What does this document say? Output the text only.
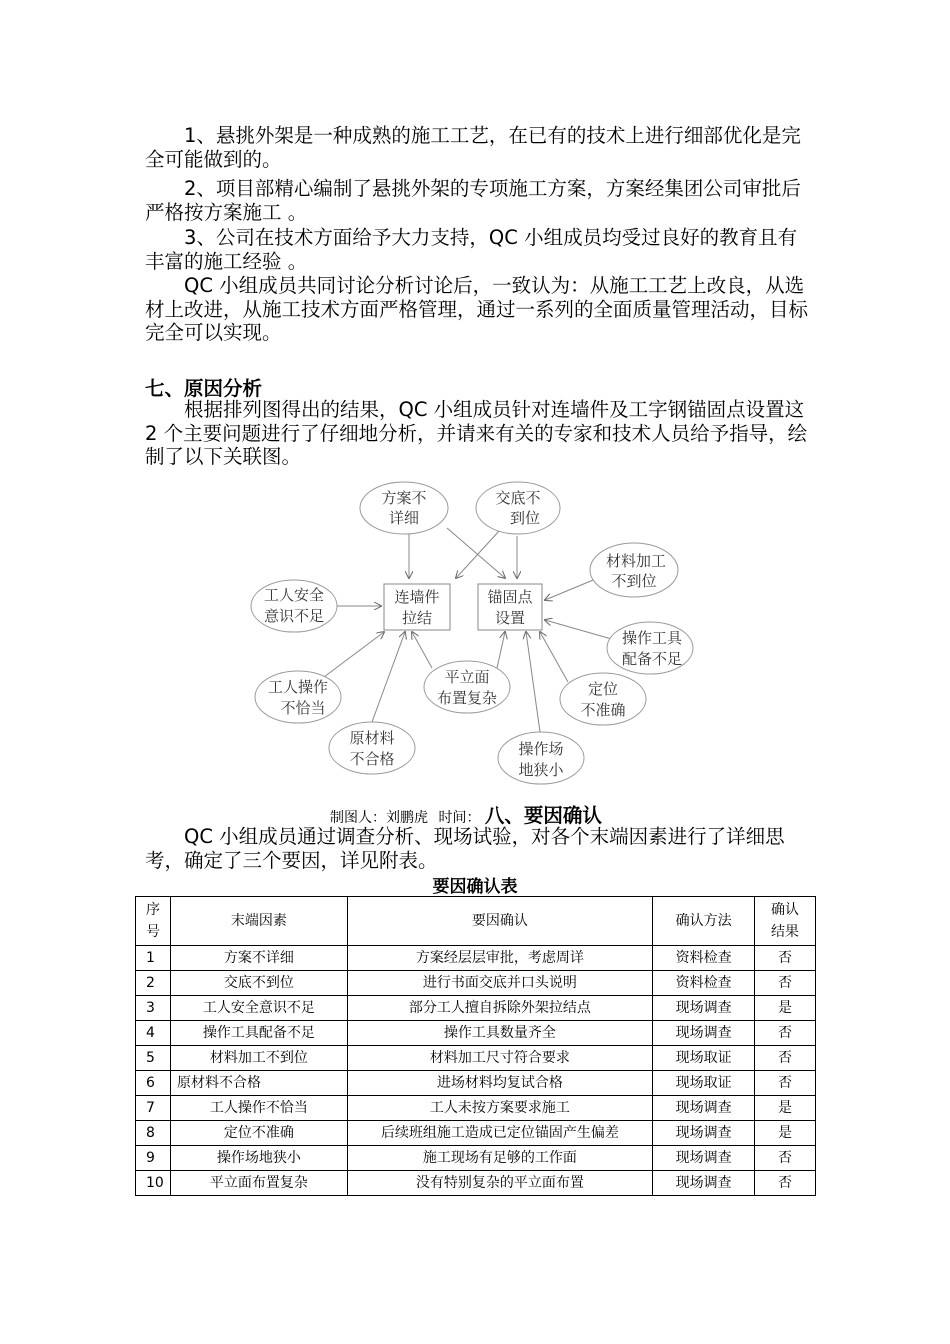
1、悬挑外架是一种成熟的施工工艺，在已有的技术上进行细部优化是完全可能做到的。

2、项目部精心编制了悬挑外架的专项施工方案，方案经集团公司审批后严格按方案施工 。

3、公司在技术方面给予大力支持，QC 小组成员均受过良好的教育且有丰富的施工经验 。

QC 小组成员共同讨论分析讨论后，一致认为：从施工工艺上改良，从选材上改进，从施工技术方面严格管理，通过一系列的全面质量管理活动，目标完全可以实现。

七、原因分析

根据排列图得出的结果，QC 小组成员针对连墙件及工字钢锚固点设置这 2 个主要问题进行了仔细地分析，并请来有关的专家和技术人员给予指导，绘制了以下关联图。

连墙件
拉结
锚固点
设置
方案不
详细
交底不
到位
材料加工
不到位
工人安全
意识不足
操作工具
配备不足
工人操作
不恰当
平立面
布置复杂	定位
不准确
原材料
不合格
操作场
地狭小
制图人：刘鹏虎 时间： 八、要因确认

QC 小组成员通过调查分析、现场试验，对各个末端因素进行了详细思考，确定了三个要因，详见附表。

要因确认表

序号	末端因素	要因确认	确认方法	确认结果
1	方案不详细	方案经层层审批，考虑周详	资料检查	否
2	交底不到位	进行书面交底并口头说明	资料检查	否
3	工人安全意识不足	部分工人擅自拆除外架拉结点	现场调查	是
4	操作工具配备不足	操作工具数量齐全	现场调查	否
5	材料加工不到位	材料加工尺寸符合要求	现场取证	否
6	原材料不合格	进场材料均复试合格	现场取证	否
7	工人操作不恰当	工人未按方案要求施工	现场调查	是
8	定位不准确	后续班组施工造成已定位锚固产生偏差	现场调查	是
9	操作场地狭小	施工现场有足够的工作面	现场调查	否
10	平立面布置复杂	没有特别复杂的平立面布置	现场调查	否
